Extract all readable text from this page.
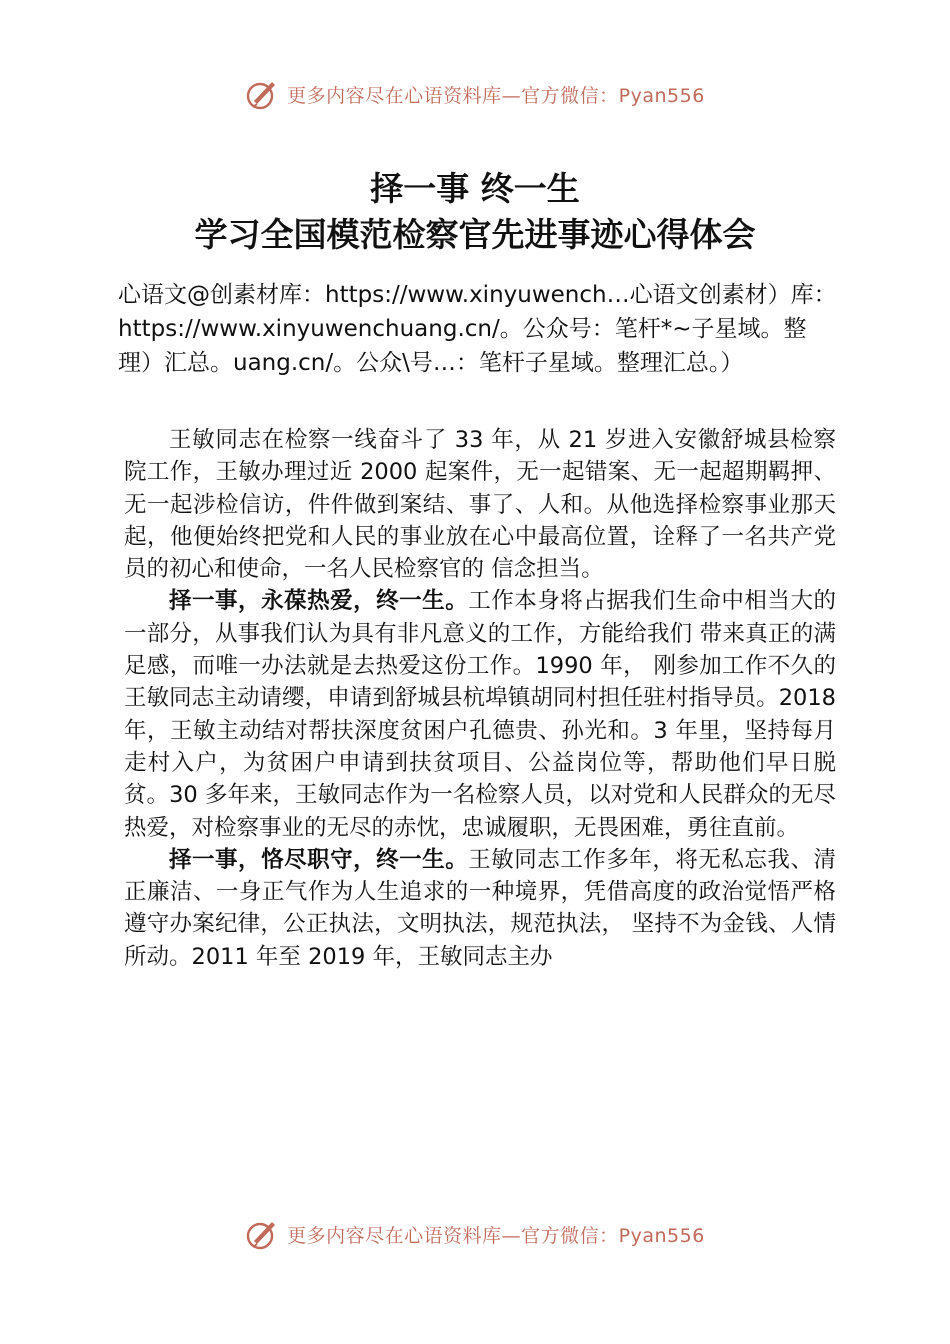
更多内容尽在心语资料库—官方微信：Pyan556
择一事 终一生
学习全国模范检察官先进事迹心得体会
心语文@创素材库：https://www.xinyuwench…心语文创素材）库：https://www.xinyuwenchuang.cn/。公众号：笔杆*~子星域。整理）汇总。uang.cn/。公众\号…：笔杆子星域。整理汇总。）

王敏同志在检察一线奋斗了 33 年，从 21 岁进入安徽舒城县检察院工作，王敏办理过近 2000 起案件，无一起错案、无一起超期羁押、无一起涉检信访，件件做到案结、事了、人和。从他选择检察事业那天起，他便始终把党和人民的事业放在心中最高位置，诠释了一名共产党员的初心和使命，一名人民检察官的 信念担当。

择一事，永葆热爱，终一生。工作本身将占据我们生命中相当大的一部分，从事我们认为具有非凡意义的工作，方能给我们 带来真正的满足感，而唯一办法就是去热爱这份工作。1990 年， 刚参加工作不久的王敏同志主动请缨，申请到舒城县杭埠镇胡同村担任驻村指导员。2018 年，王敏主动结对帮扶深度贫困户孔德贵、孙光和。3 年里，坚持每月走村入户，为贫困户申请到扶贫项目、公益岗位等，帮助他们早日脱贫。30 多年来，王敏同志作为一名检察人员，以对党和人民群众的无尽热爱，对检察事业的无尽的赤忱，忠诚履职，无畏困难，勇往直前。

择一事，恪尽职守，终一生。王敏同志工作多年，将无私忘我、清正廉洁、一身正气作为人生追求的一种境界，凭借高度的政治觉悟严格遵守办案纪律，公正执法，文明执法，规范执法， 坚持不为金钱、人情所动。2011 年至 2019 年，王敏同志主办

更多内容尽在心语资料库—官方微信：Pyan556
